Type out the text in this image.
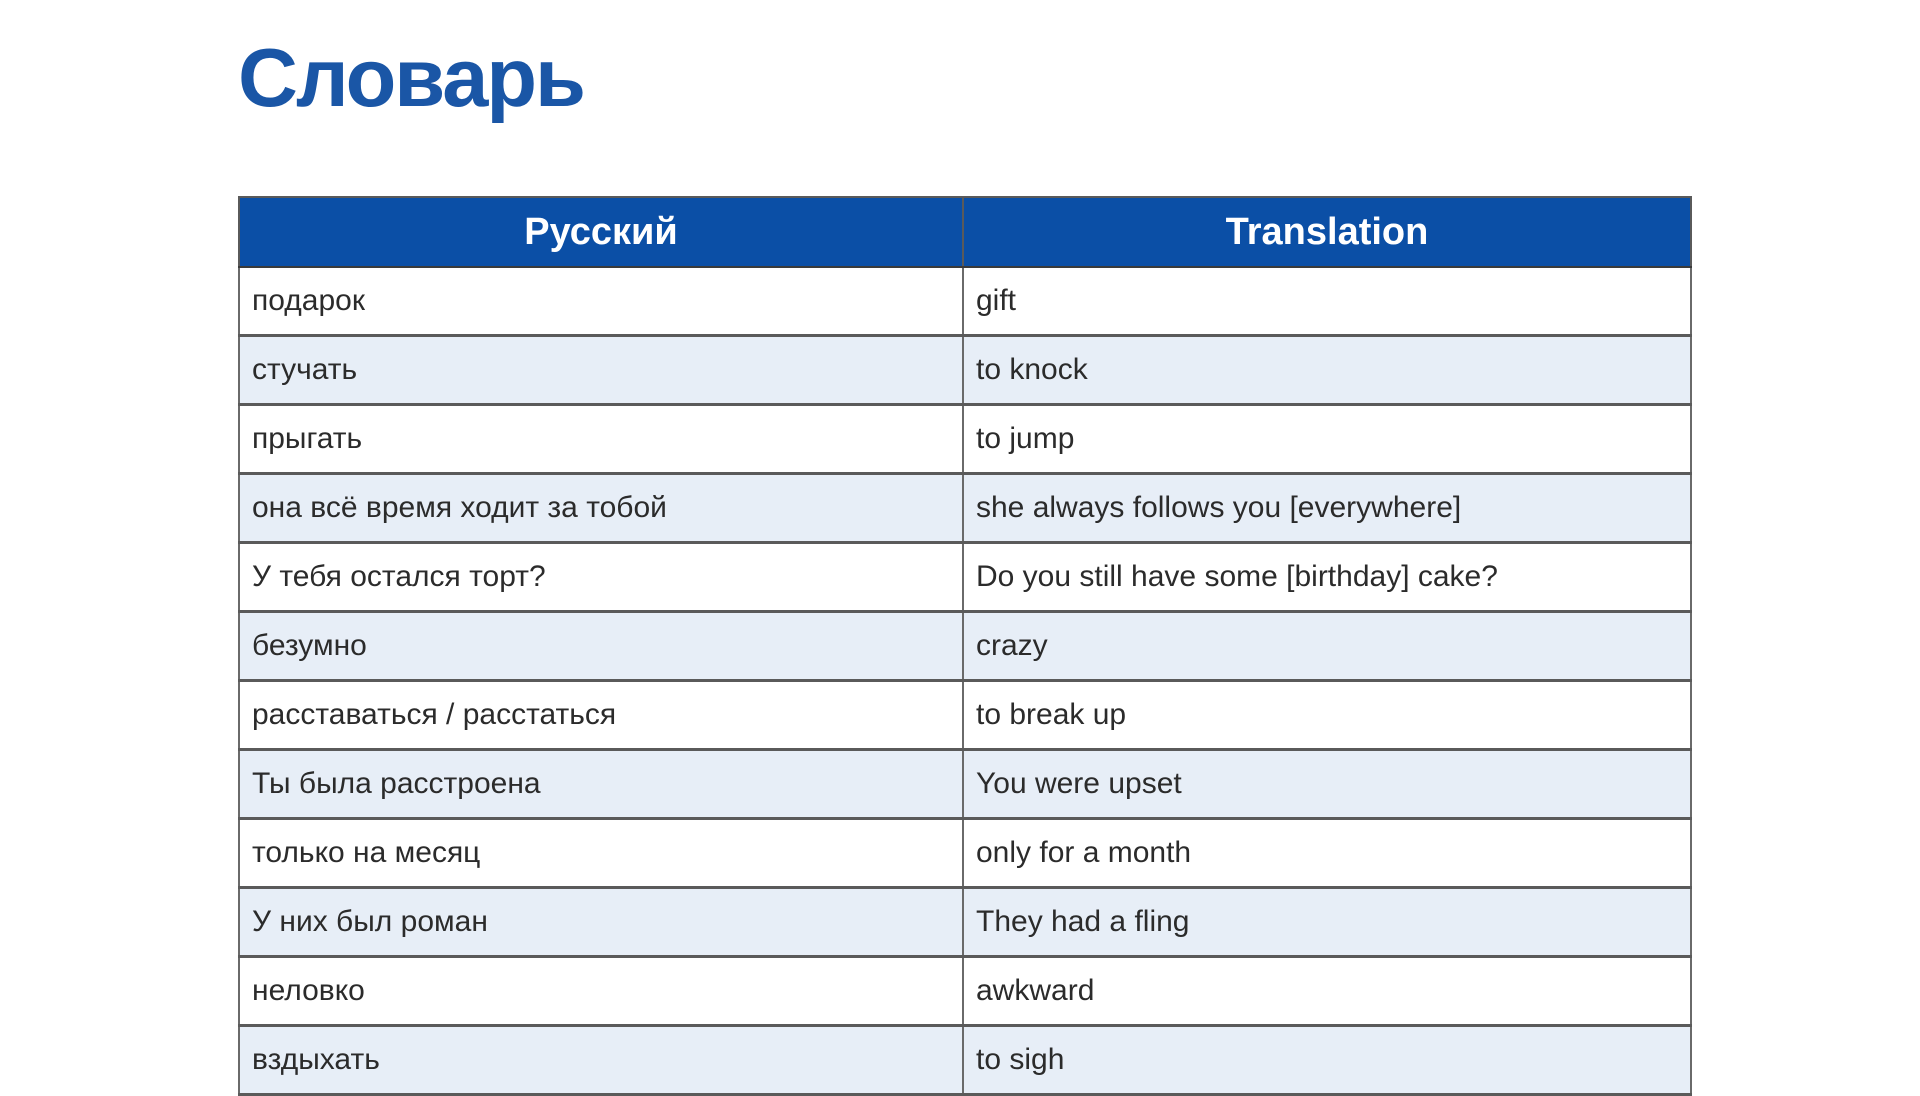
Словарь
Русский	Translation
подарок	gift
стучать	to knock
прыгать	to jump
она всё время ходит за тобой	she always follows you [everywhere]
У тебя остался торт?	Do you still have some [birthday] cake?
безумно	crazy
расставаться / расстаться	to break up
Ты была расстроена	You were upset
только на месяц	only for a month
У них был роман	They had a fling
неловко	awkward
вздыхать	to sigh
